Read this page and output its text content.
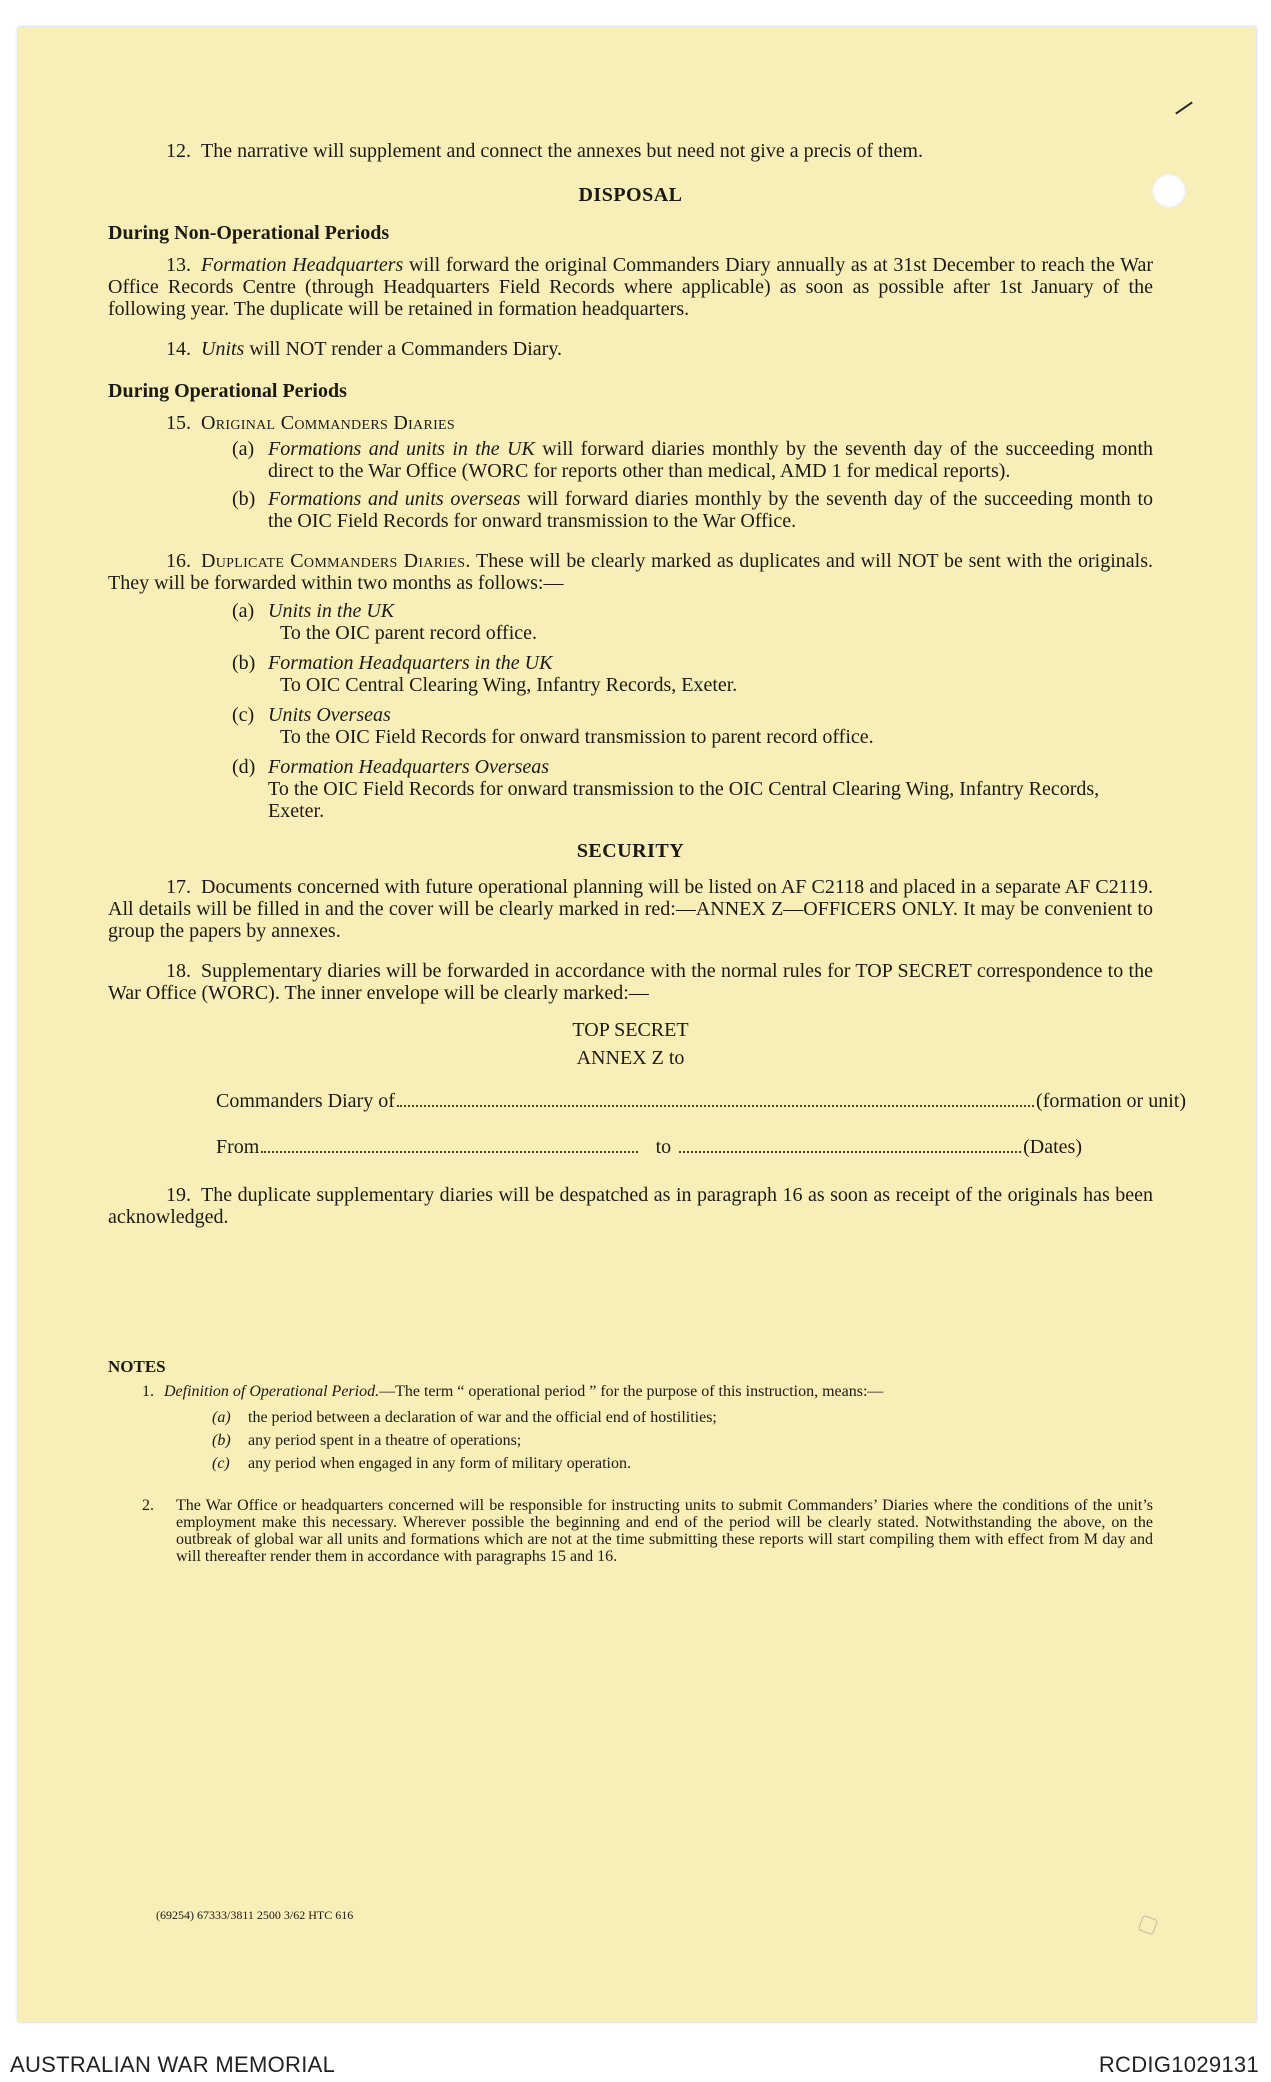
12. The narrative will supplement and connect the annexes but need not give a precis of them.

DISPOSAL

During Non-Operational Periods

13. Formation Headquarters will forward the original Commanders Diary annually as at 31st December to reach the War Office Records Centre (through Headquarters Field Records where applicable) as soon as possible after 1st January of the following year. The duplicate will be retained in formation headquarters.

14. Units will NOT render a Commanders Diary.

During Operational Periods

15. Original Commanders Diaries

(a) Formations and units in the UK will forward diaries monthly by the seventh day of the succeeding month direct to the War Office (WORC for reports other than medical, AMD 1 for medical reports).
(b) Formations and units overseas will forward diaries monthly by the seventh day of the succeeding month to the OIC Field Records for onward transmission to the War Office.

16. Duplicate Commanders Diaries. These will be clearly marked as duplicates and will NOT be sent with the originals. They will be forwarded within two months as follows:—

(a) Units in the UK

To the OIC parent record office.

(b) Formation Headquarters in the UK

To OIC Central Clearing Wing, Infantry Records, Exeter.

(c) Units Overseas

To the OIC Field Records for onward transmission to parent record office.

(d) Formation Headquarters Overseas

To the OIC Field Records for onward transmission to the OIC Central Clearing Wing, Infantry Records, Exeter.

SECURITY

17. Documents concerned with future operational planning will be listed on AF C2118 and placed in a separate AF C2119. All details will be filled in and the cover will be clearly marked in red:—ANNEX Z—OFFICERS ONLY. It may be convenient to group the papers by annexes.

18. Supplementary diaries will be forwarded in accordance with the normal rules for TOP SECRET correspondence to the War Office (WORC). The inner envelope will be clearly marked:—

TOP SECRET
ANNEX Z to
Commanders Diary of	(formation or unit)
From	to	(Dates)

19. The duplicate supplementary diaries will be despatched as in paragraph 16 as soon as receipt of the originals has been acknowledged.

NOTES

1. Definition of Operational Period.—The term “ operational period ” for the purpose of this instruction, means:—

(a) the period between a declaration of war and the official end of hostilities;
(b) any period spent in a theatre of operations;
(c) any period when engaged in any form of military operation.
2.	The War Office or headquarters concerned will be responsible for instructing units to submit Commanders’ Diaries where the conditions of the unit’s employment make this necessary. Wherever possible the beginning and end of the period will be clearly stated. Notwithstanding the above, on the outbreak of global war all units and formations which are not at the time submitting these reports will start compiling them with effect from M day and will thereafter render them in accordance with paragraphs 15 and 16.
(69254) 67333/3811 2500 3/62 HTC 616
AUSTRALIAN WAR MEMORIAL	RCDIG1029131
